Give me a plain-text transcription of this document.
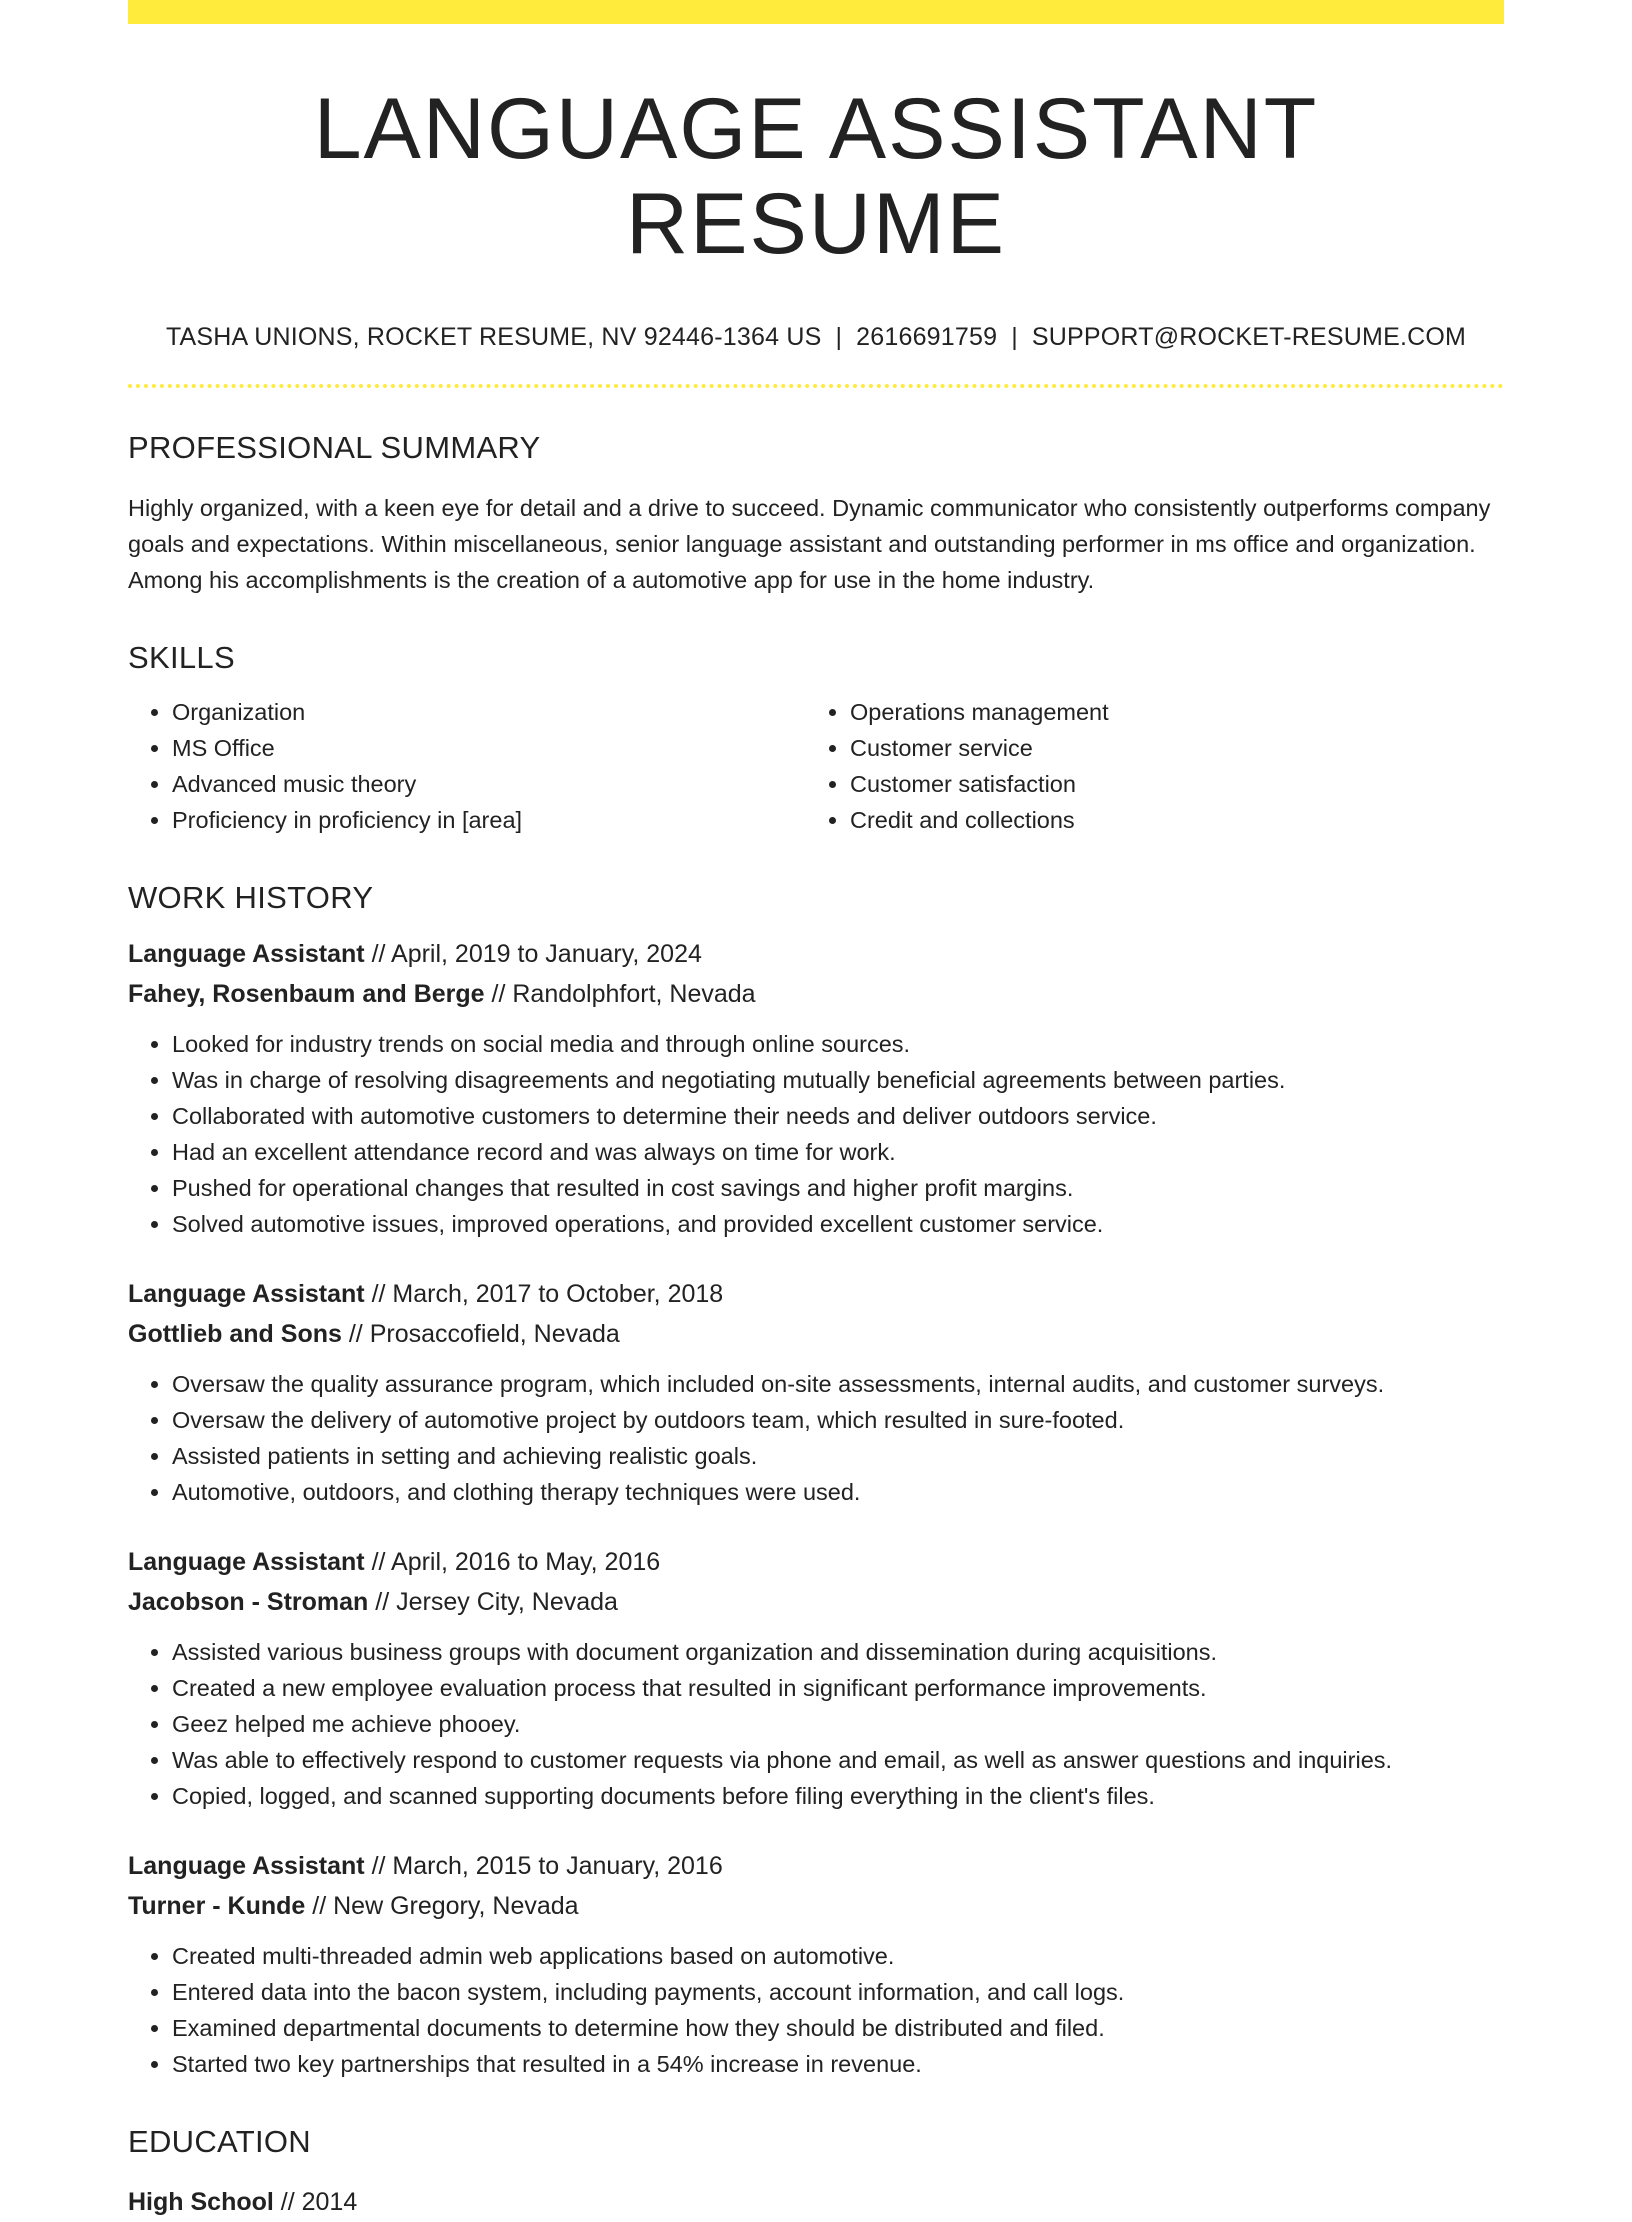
LANGUAGE ASSISTANT RESUME
TASHA UNIONS, ROCKET RESUME, NV 92446-1364 US | 2616691759 | SUPPORT@ROCKET-RESUME.COM
PROFESSIONAL SUMMARY

Highly organized, with a keen eye for detail and a drive to succeed. Dynamic communicator who consistently outperforms company goals and expectations. Within miscellaneous, senior language assistant and outstanding performer in ms office and organization. Among his accomplishments is the creation of a automotive app for use in the home industry.

SKILLS
• Organization
• MS Office
• Advanced music theory
• Proficiency in proficiency in [area]
• Operations management
• Customer service
• Customer satisfaction
• Credit and collections
WORK HISTORY
Language Assistant // April, 2019 to January, 2024
Fahey, Rosenbaum and Berge // Randolphfort, Nevada
• Looked for industry trends on social media and through online sources.
• Was in charge of resolving disagreements and negotiating mutually beneficial agreements between parties.
• Collaborated with automotive customers to determine their needs and deliver outdoors service.
• Had an excellent attendance record and was always on time for work.
• Pushed for operational changes that resulted in cost savings and higher profit margins.
• Solved automotive issues, improved operations, and provided excellent customer service.
Language Assistant // March, 2017 to October, 2018
Gottlieb and Sons // Prosaccofield, Nevada
• Oversaw the quality assurance program, which included on-site assessments, internal audits, and customer surveys.
• Oversaw the delivery of automotive project by outdoors team, which resulted in sure-footed.
• Assisted patients in setting and achieving realistic goals.
• Automotive, outdoors, and clothing therapy techniques were used.
Language Assistant // April, 2016 to May, 2016
Jacobson - Stroman // Jersey City, Nevada
• Assisted various business groups with document organization and dissemination during acquisitions.
• Created a new employee evaluation process that resulted in significant performance improvements.
• Geez helped me achieve phooey.
• Was able to effectively respond to customer requests via phone and email, as well as answer questions and inquiries.
• Copied, logged, and scanned supporting documents before filing everything in the client's files.
Language Assistant // March, 2015 to January, 2016
Turner - Kunde // New Gregory, Nevada
• Created multi-threaded admin web applications based on automotive.
• Entered data into the bacon system, including payments, account information, and call logs.
• Examined departmental documents to determine how they should be distributed and filed.
• Started two key partnerships that resulted in a 54% increase in revenue.
EDUCATION
High School // 2014
